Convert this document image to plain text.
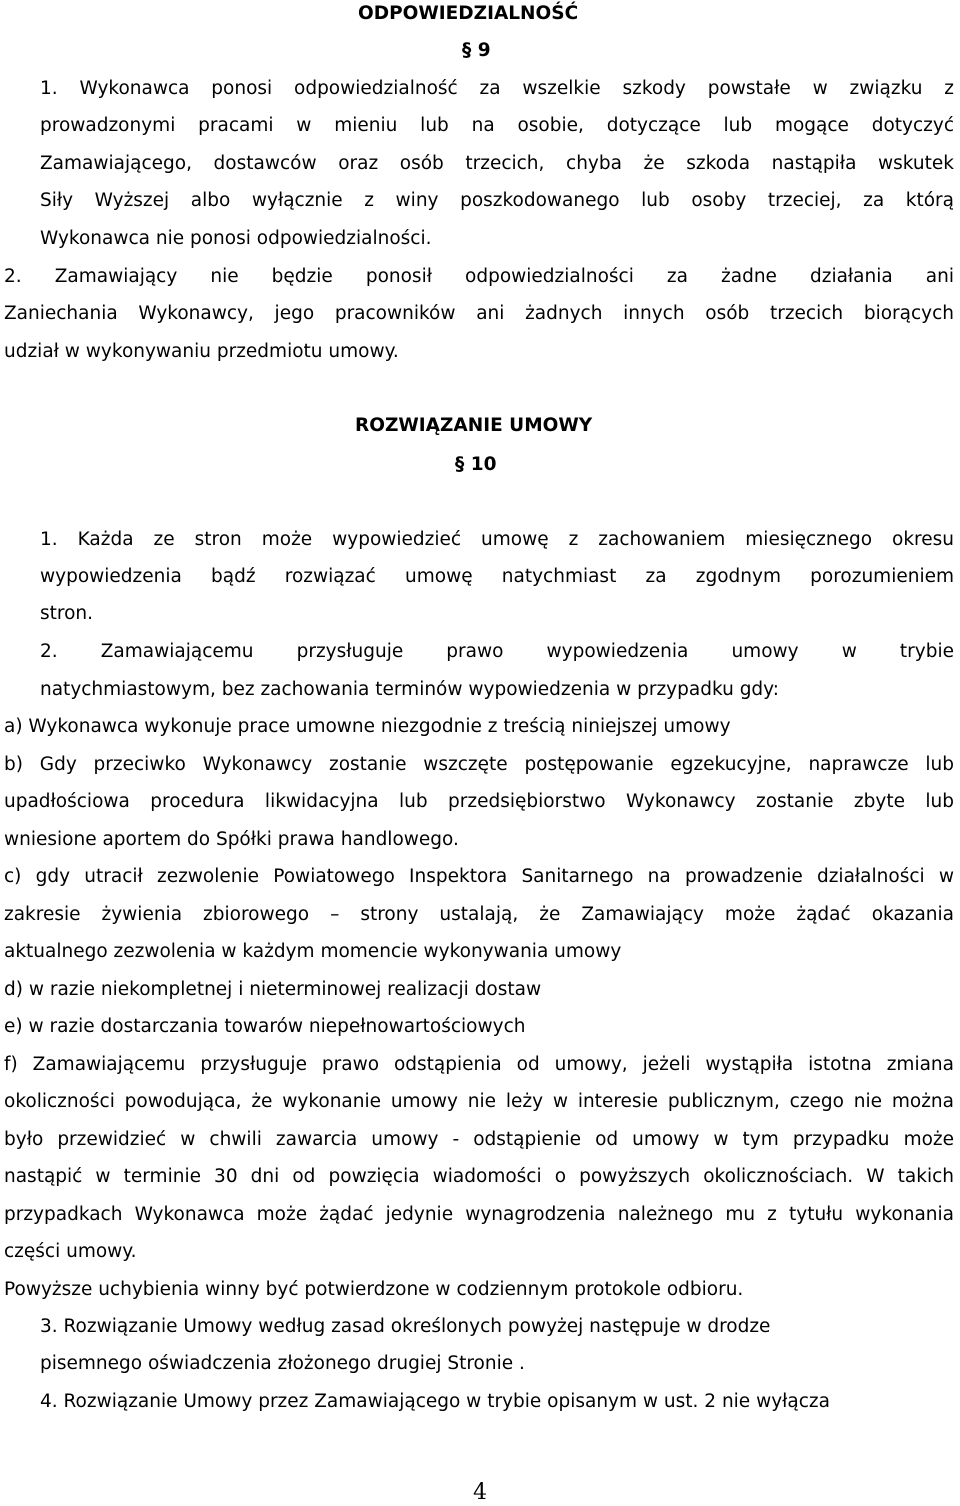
ODPOWIEDZIALNOŚĆ
§ 9
1. Wykonawca ponosi odpowiedzialność za wszelkie szkody powstałe w związku z
prowadzonymi pracami w mieniu lub na osobie, dotyczące lub mogące dotyczyć
Zamawiającego, dostawców oraz osób trzecich, chyba że szkoda nastąpiła wskutek
Siły Wyższej albo wyłącznie z winy poszkodowanego lub osoby trzeciej, za którą
Wykonawca nie ponosi odpowiedzialności.
2. Zamawiający nie będzie ponosił odpowiedzialności za żadne działania ani
Zaniechania Wykonawcy, jego pracowników ani żadnych innych osób trzecich biorących
udział w wykonywaniu przedmiotu umowy.
ROZWIĄZANIE UMOWY
§ 10
1. Każda ze stron może wypowiedzieć umowę z zachowaniem miesięcznego okresu
wypowiedzenia bądź rozwiązać umowę natychmiast za zgodnym porozumieniem
stron.
2. Zamawiającemu przysługuje prawo wypowiedzenia umowy w trybie
natychmiastowym, bez zachowania terminów wypowiedzenia w przypadku gdy:
a) Wykonawca wykonuje prace umowne niezgodnie z treścią niniejszej umowy
b) Gdy przeciwko Wykonawcy zostanie wszczęte postępowanie egzekucyjne, naprawcze lub
upadłościowa procedura likwidacyjna lub przedsiębiorstwo Wykonawcy zostanie zbyte lub
wniesione aportem do Spółki prawa handlowego.
c) gdy utracił zezwolenie Powiatowego Inspektora Sanitarnego na prowadzenie działalności w
zakresie żywienia zbiorowego – strony ustalają, że Zamawiający może żądać okazania
aktualnego zezwolenia w każdym momencie wykonywania umowy
d) w razie niekompletnej i nieterminowej realizacji dostaw
e) w razie dostarczania towarów niepełnowartościowych
f) Zamawiającemu przysługuje prawo odstąpienia od umowy, jeżeli wystąpiła istotna zmiana
okoliczności powodująca, że wykonanie umowy nie leży w interesie publicznym, czego nie można
było przewidzieć w chwili zawarcia umowy - odstąpienie od umowy w tym przypadku może
nastąpić w terminie 30 dni od powzięcia wiadomości o powyższych okolicznościach. W takich
przypadkach Wykonawca może żądać jedynie wynagrodzenia należnego mu z tytułu wykonania
części umowy.
Powyższe uchybienia winny być potwierdzone w codziennym protokole odbioru.
3. Rozwiązanie Umowy według zasad określonych powyżej następuje w drodze
pisemnego oświadczenia złożonego drugiej Stronie .
4. Rozwiązanie Umowy przez Zamawiającego w trybie opisanym w ust. 2 nie wyłącza
4
